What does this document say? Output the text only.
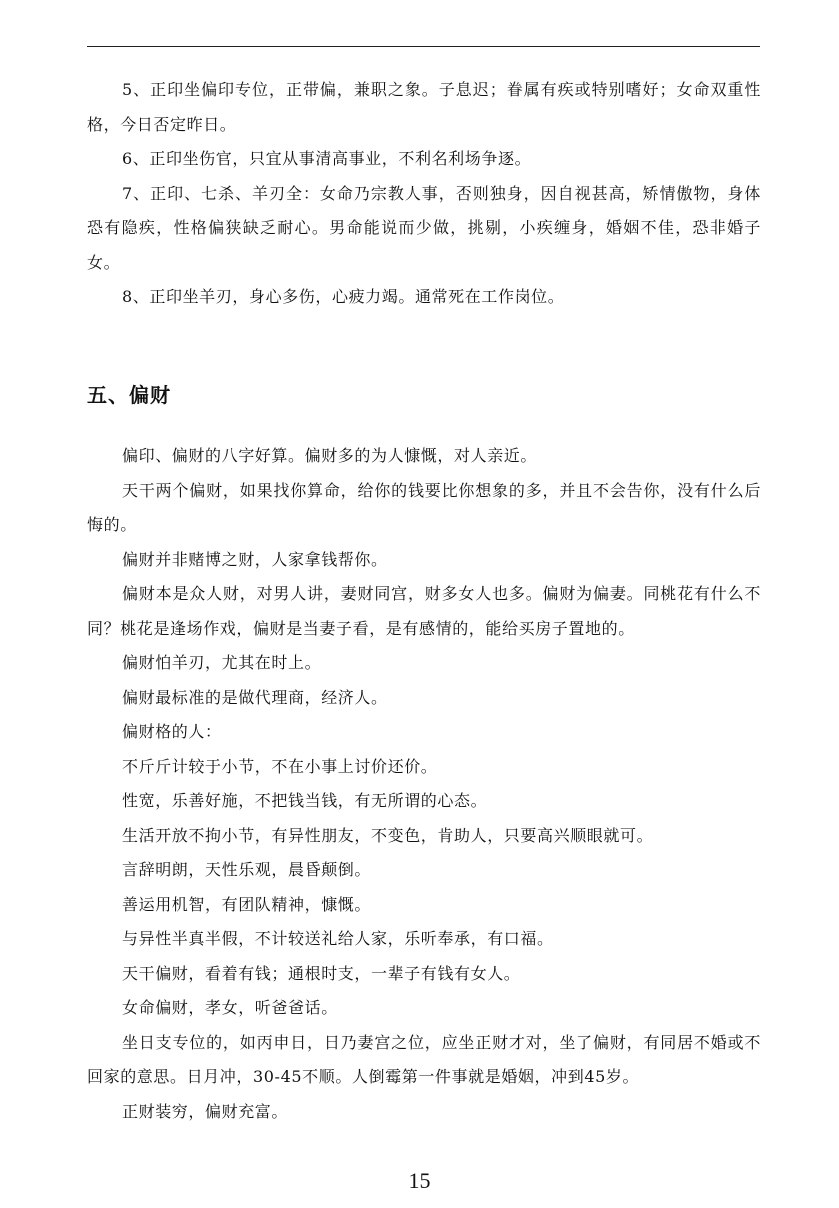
5、正印坐偏印专位，正带偏，兼职之象。子息迟；眷属有疾或特别嗜好；女命双重性格，今日否定昨日。

6、正印坐伤官，只宜从事清高事业，不利名利场争逐。

7、正印、七杀、羊刃全：女命乃宗教人事，否则独身，因自视甚高，矫情傲物，身体恐有隐疾，性格偏狭缺乏耐心。男命能说而少做，挑剔，小疾缠身，婚姻不佳，恐非婚子女。

8、正印坐羊刃，身心多伤，心疲力竭。通常死在工作岗位。

五、偏财

偏印、偏财的八字好算。偏财多的为人慷慨，对人亲近。

天干两个偏财，如果找你算命，给你的钱要比你想象的多，并且不会告你，没有什么后悔的。

偏财并非赌博之财，人家拿钱帮你。

偏财本是众人财，对男人讲，妻财同宫，财多女人也多。偏财为偏妻。同桃花有什么不同？桃花是逢场作戏，偏财是当妻子看，是有感情的，能给买房子置地的。

偏财怕羊刃，尤其在时上。

偏财最标准的是做代理商，经济人。

偏财格的人：

不斤斤计较于小节，不在小事上讨价还价。

性宽，乐善好施，不把钱当钱，有无所谓的心态。

生活开放不拘小节，有异性朋友，不变色，肯助人，只要高兴顺眼就可。

言辞明朗，天性乐观，晨昏颠倒。

善运用机智，有团队精神，慷慨。

与异性半真半假，不计较送礼给人家，乐听奉承，有口福。

天干偏财，看着有钱；通根时支，一辈子有钱有女人。

女命偏财，孝女，听爸爸话。

坐日支专位的，如丙申日，日乃妻宫之位，应坐正财才对，坐了偏财，有同居不婚或不回家的意思。日月冲，30-45不顺。人倒霉第一件事就是婚姻，冲到45岁。

正财装穷，偏财充富。

15
